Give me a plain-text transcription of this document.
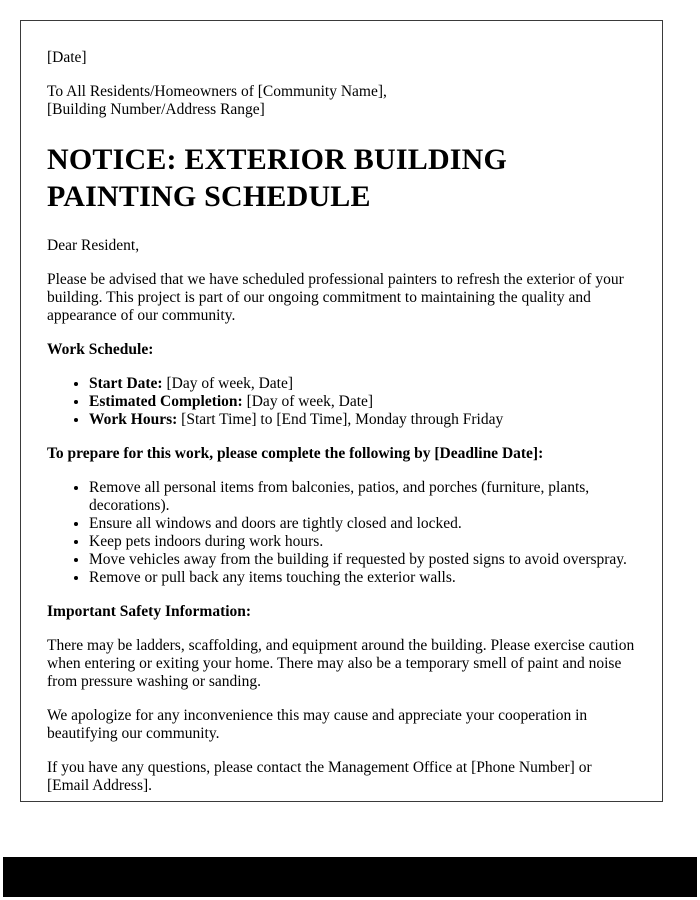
[Date]

To All Residents/Homeowners of [Community Name],
[Building Number/Address Range]

NOTICE: EXTERIOR BUILDING PAINTING SCHEDULE

Dear Resident,

Please be advised that we have scheduled professional painters to refresh the exterior of your building. This project is part of our ongoing commitment to maintaining the quality and appearance of our community.

Work Schedule:

• Start Date: [Day of week, Date]
• Estimated Completion: [Day of week, Date]
• Work Hours: [Start Time] to [End Time], Monday through Friday

To prepare for this work, please complete the following by [Deadline Date]:

• Remove all personal items from balconies, patios, and porches (furniture, plants, decorations).
• Ensure all windows and doors are tightly closed and locked.
• Keep pets indoors during work hours.
• Move vehicles away from the building if requested by posted signs to avoid overspray.
• Remove or pull back any items touching the exterior walls.

Important Safety Information:

There may be ladders, scaffolding, and equipment around the building. Please exercise caution when entering or exiting your home. There may also be a temporary smell of paint and noise from pressure washing or sanding.

We apologize for any inconvenience this may cause and appreciate your cooperation in beautifying our community.

If you have any questions, please contact the Management Office at [Phone Number] or [Email Address].
